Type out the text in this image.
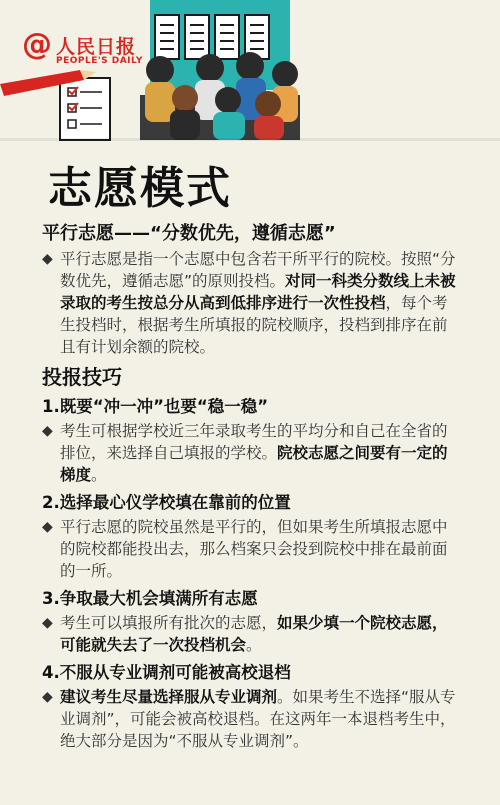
@ 人民日报
PEOPLE'S DAILY
志愿模式
平行志愿——“分数优先，遵循志愿”
◆ 平行志愿是指一个志愿中包含若干所平行的院校。按照“分数优先，遵循志愿”的原则投档。对同一科类分数线上未被录取的考生按总分从高到低排序进行一次性投档，每个考生投档时，根据考生所填报的院校顺序，投档到排序在前且有计划余额的院校。
投报技巧
1.既要“冲一冲”也要“稳一稳”
◆ 考生可根据学校近三年录取考生的平均分和自己在全省的排位，来选择自己填报的学校。院校志愿之间要有一定的梯度。
2.选择最心仪学校填在靠前的位置
◆ 平行志愿的院校虽然是平行的，但如果考生所填报志愿中的院校都能投出去，那么档案只会投到院校中排在最前面的一所。
3.争取最大机会填满所有志愿
◆ 考生可以填报所有批次的志愿，如果少填一个院校志愿，可能就失去了一次投档机会。
4.不服从专业调剂可能被高校退档
◆ 建议考生尽量选择服从专业调剂。如果考生不选择“服从专业调剂”，可能会被高校退档。在这两年一本退档考生中，绝大部分是因为“不服从专业调剂”。
